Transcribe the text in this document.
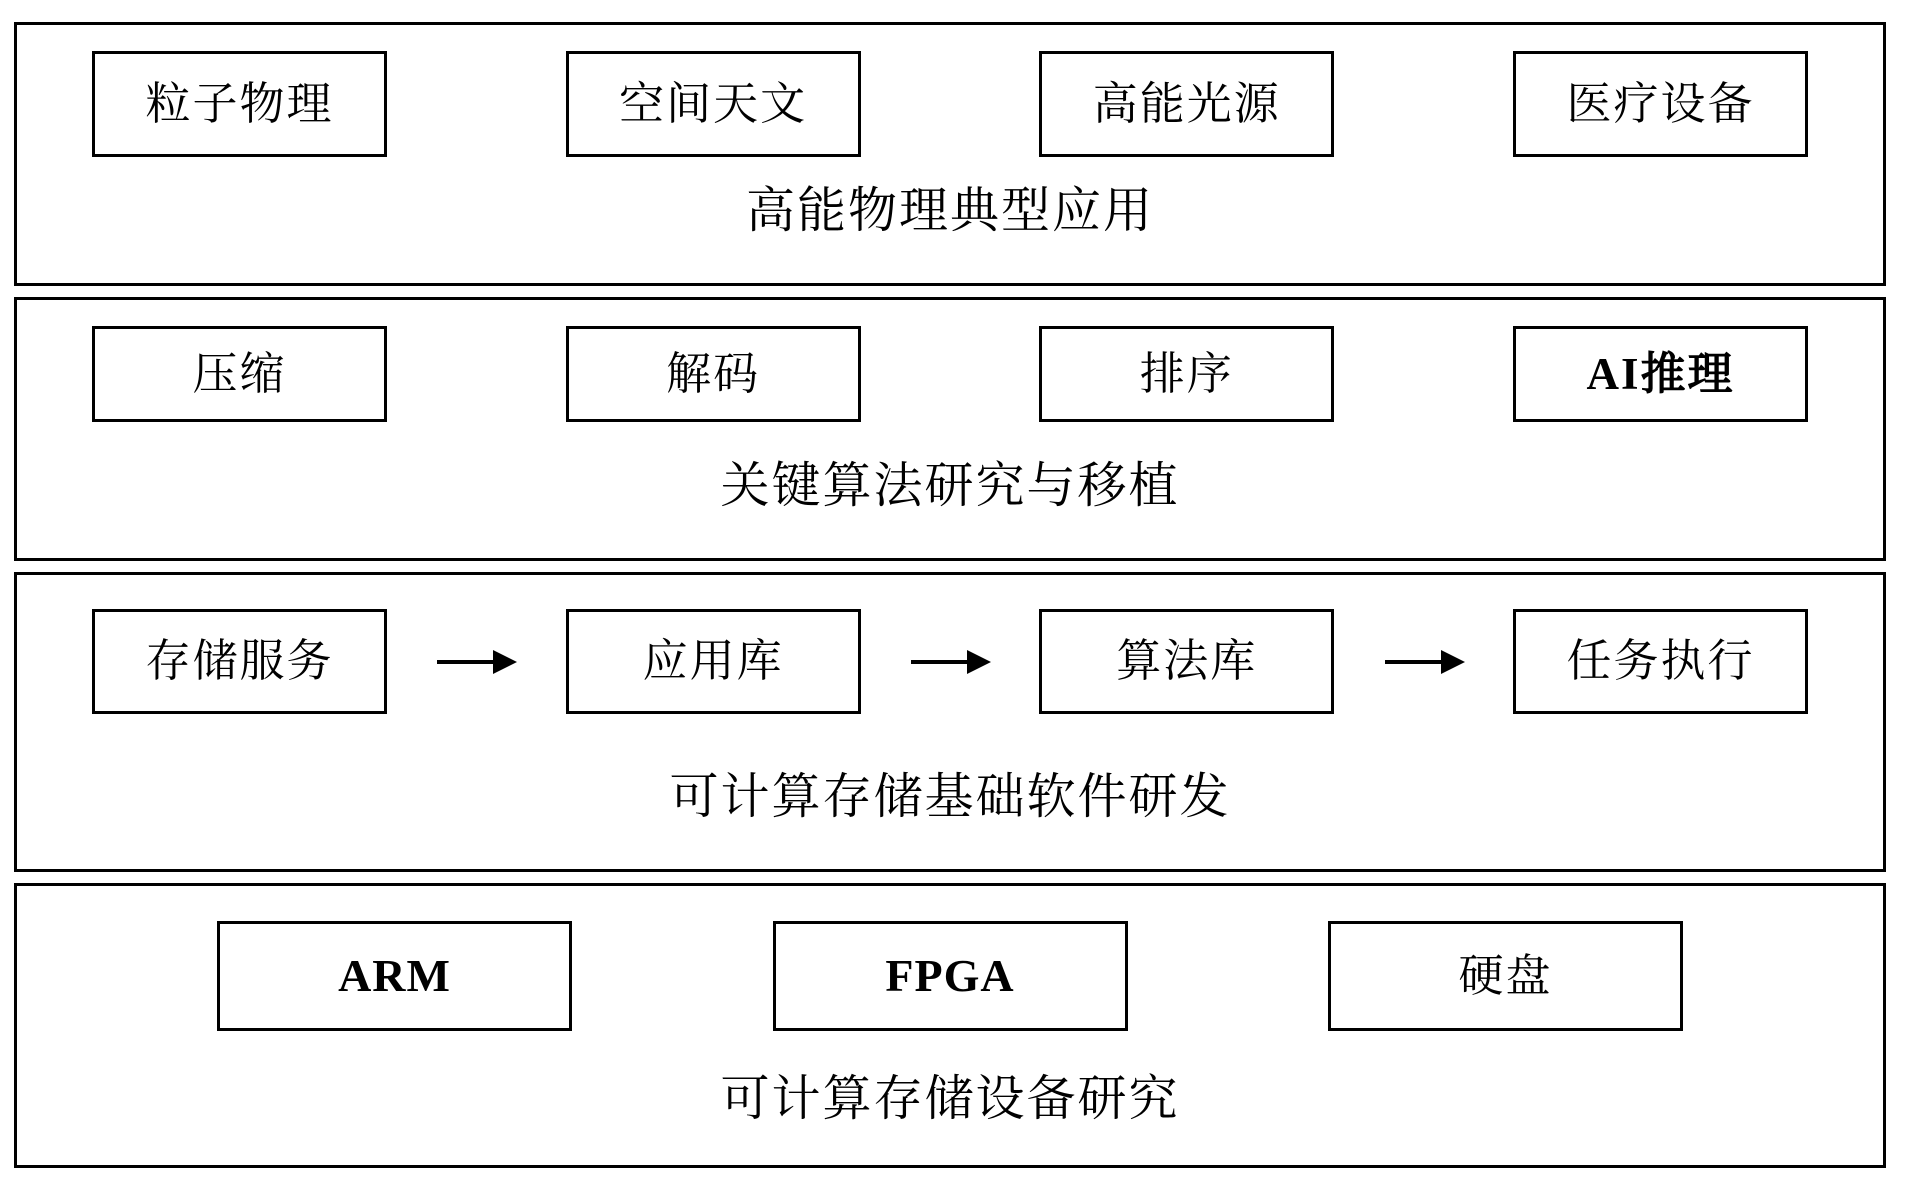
粒子物理	空间天文	高能光源	医疗设备
高能物理典型应用
压缩	解码	排序	AI推理
关键算法研究与移植
存储服务	应用库	算法库	任务执行
可计算存储基础软件研发
ARM	FPGA	硬盘
可计算存储设备研究
